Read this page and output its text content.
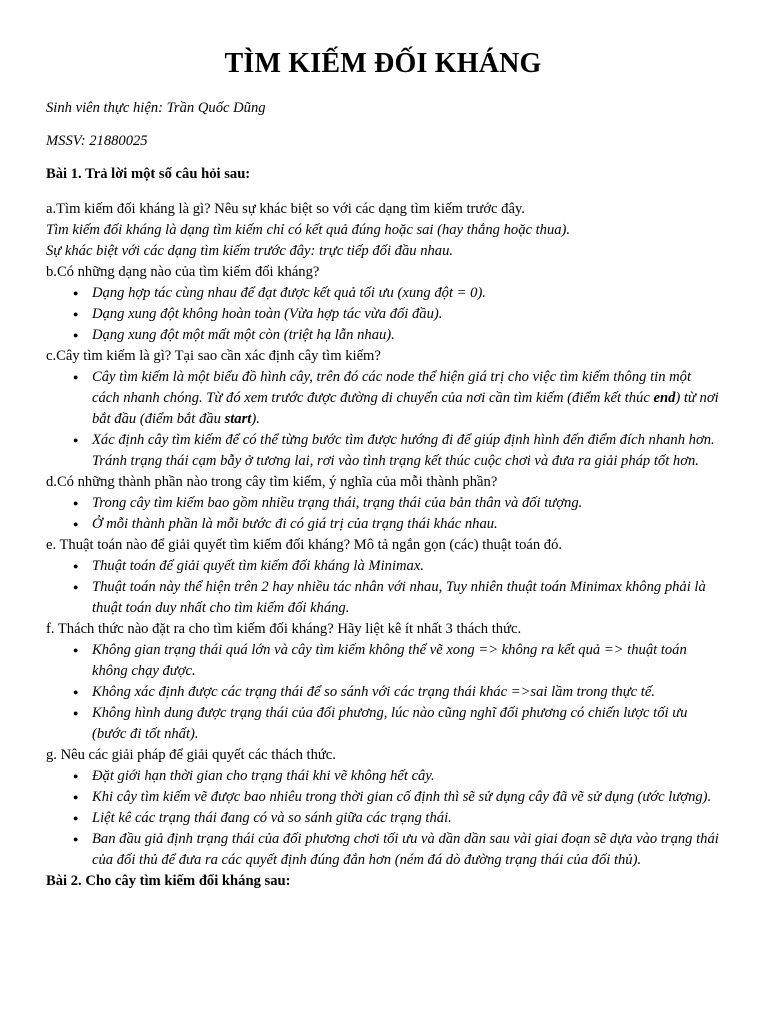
TÌM KIẾM ĐỐI KHÁNG

Sinh viên thực hiện: Trần Quốc Dũng

MSSV: 21880025

Bài 1. Trả lời một số câu hỏi sau:

a.Tìm kiếm đối kháng là gì? Nêu sự khác biệt so với các dạng tìm kiếm trước đây.

Tìm kiếm đối kháng là dạng tìm kiếm chỉ có kết quả đúng hoặc sai (hay thắng hoặc thua).

Sự khác biệt với các dạng tìm kiếm trước đây: trực tiếp đối đầu nhau.

b.Có những dạng nào của tìm kiếm đối kháng?

● Dạng hợp tác cùng nhau để đạt được kết quả tối ưu (xung đột = 0).
● Dạng xung đột không hoàn toàn (Vừa hợp tác vừa đối đầu).
● Dạng xung đột một mất một còn (triệt hạ lẫn nhau).

c.Cây tìm kiếm là gì? Tại sao cần xác định cây tìm kiếm?

● Cây tìm kiếm là một biểu đồ hình cây, trên đó các node thể hiện giá trị cho việc tìm kiếm thông tin một cách nhanh chóng. Từ đó xem trước được đường di chuyển của nơi cần tìm kiếm (điểm kết thúc end) từ nơi bắt đầu (điểm bắt đầu start).
● Xác định cây tìm kiếm để có thể từng bước tìm được hướng đi để giúp định hình đến điểm đích nhanh hơn. Tránh trạng thái cạm bẫy ở tương lai, rơi vào tình trạng kết thúc cuộc chơi và đưa ra giải pháp tốt hơn.

d.Có những thành phần nào trong cây tìm kiếm, ý nghĩa của mỗi thành phần?

● Trong cây tìm kiếm bao gồm nhiều trạng thái, trạng thái của bản thân và đối tượng.
● Ở mỗi thành phần là mỗi bước đi có giá trị của trạng thái khác nhau.

e. Thuật toán nào để giải quyết tìm kiếm đối kháng? Mô tả ngắn gọn (các) thuật toán đó.

● Thuật toán để giải quyết tìm kiếm đối kháng là Minimax.
● Thuật toán này thể hiện trên 2 hay nhiều tác nhân với nhau, Tuy nhiên thuật toán Minimax không phải là thuật toán duy nhất cho tìm kiếm đối kháng.

f. Thách thức nào đặt ra cho tìm kiếm đối kháng? Hãy liệt kê ít nhất 3 thách thức.

● Không gian trạng thái quá lớn và cây tìm kiếm không thể vẽ xong => không ra kết quả => thuật toán không chạy được.
● Không xác định được các trạng thái để so sánh với các trạng thái khác =>sai lầm trong thực tế.
● Không hình dung được trạng thái của đối phương, lúc nào cũng nghĩ đối phương có chiến lược tối ưu (bước đi tốt nhất).

g. Nêu các giải pháp để giải quyết các thách thức.

● Đặt giới hạn thời gian cho trạng thái khi vẽ không hết cây.
● Khi cây tìm kiếm vẽ được bao nhiêu trong thời gian cố định thì sẽ sử dụng cây đã vẽ sử dụng (ước lượng).
● Liệt kê các trạng thái đang có và so sánh giữa các trạng thái.
● Ban đầu giả định trạng thái của đối phương chơi tối ưu và dần dần sau vài giai đoạn sẽ dựa vào trạng thái của đối thủ để đưa ra các quyết định đúng đắn hơn (ném đá dò đường trạng thái của đối thủ).

Bài 2. Cho cây tìm kiếm đối kháng sau:
